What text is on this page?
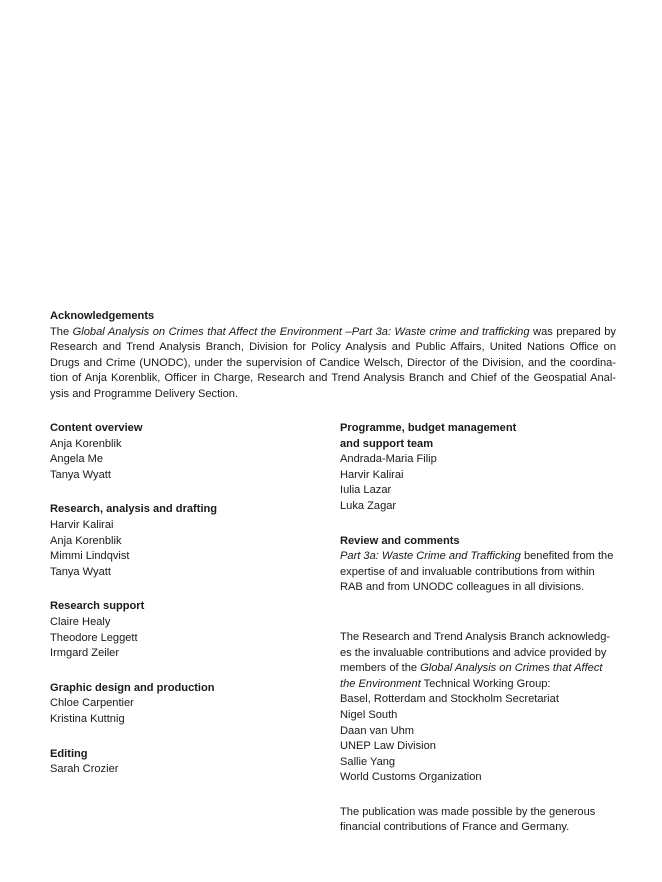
Acknowledgements

The Global Analysis on Crimes that Affect the Environment –Part 3a: Waste crime and trafficking was prepared by Research and Trend Analysis Branch, Division for Policy Analysis and Public Affairs, United Nations Office on Drugs and Crime (UNODC), under the supervision of Candice Welsch, Director of the Division, and the coordina-tion of Anja Korenblik, Officer in Charge, Research and Trend Analysis Branch and Chief of the Geospatial Anal-ysis and Programme Delivery Section.

Content overview
Anja Korenblik
Angela Me
Tanya Wyatt
Research, analysis and drafting
Harvir Kalirai
Anja Korenblik
Mimmi Lindqvist
Tanya Wyatt
Research support
Claire Healy
Theodore Leggett
Irmgard Zeiler
Graphic design and production
Chloe Carpentier
Kristina Kuttnig
Editing
Sarah Crozier
Programme, budget management
and support team
Andrada-Maria Filip
Harvir Kalirai
Iulia Lazar
Luka Zagar
Review and comments

Part 3a: Waste Crime and Trafficking benefited from the expertise of and invaluable contributions from within RAB and from UNODC colleagues in all divisions.

The Research and Trend Analysis Branch acknowledg-es the invaluable contributions and advice provided by members of the Global Analysis on Crimes that Affect the Environment Technical Working Group:

Basel, Rotterdam and Stockholm Secretariat
Nigel South
Daan van Uhm
UNEP Law Division
Sallie Yang
World Customs Organization

The publication was made possible by the generous financial contributions of France and Germany.
